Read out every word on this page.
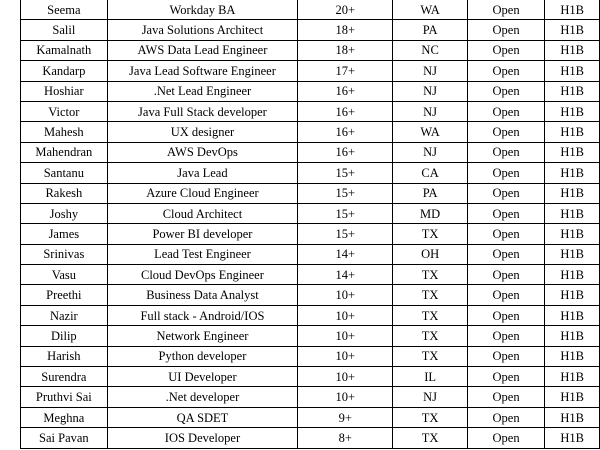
Seema	Workday BA	20+	WA	Open	H1B
Salil	Java Solutions Architect	18+	PA	Open	H1B
Kamalnath	AWS Data Lead Engineer	18+	NC	Open	H1B
Kandarp	Java Lead Software Engineer	17+	NJ	Open	H1B
Hoshiar	.Net Lead Engineer	16+	NJ	Open	H1B
Victor	Java Full Stack developer	16+	NJ	Open	H1B
Mahesh	UX designer	16+	WA	Open	H1B
Mahendran	AWS DevOps	16+	NJ	Open	H1B
Santanu	Java Lead	15+	CA	Open	H1B
Rakesh	Azure Cloud Engineer	15+	PA	Open	H1B
Joshy	Cloud Architect	15+	MD	Open	H1B
James	Power BI developer	15+	TX	Open	H1B
Srinivas	Lead Test Engineer	14+	OH	Open	H1B
Vasu	Cloud DevOps Engineer	14+	TX	Open	H1B
Preethi	Business Data Analyst	10+	TX	Open	H1B
Nazir	Full stack - Android/IOS	10+	TX	Open	H1B
Dilip	Network Engineer	10+	TX	Open	H1B
Harish	Python developer	10+	TX	Open	H1B
Surendra	UI Developer	10+	IL	Open	H1B
Pruthvi Sai	.Net developer	10+	NJ	Open	H1B
Meghna	QA SDET	9+	TX	Open	H1B
Sai Pavan	IOS Developer	8+	TX	Open	H1B
